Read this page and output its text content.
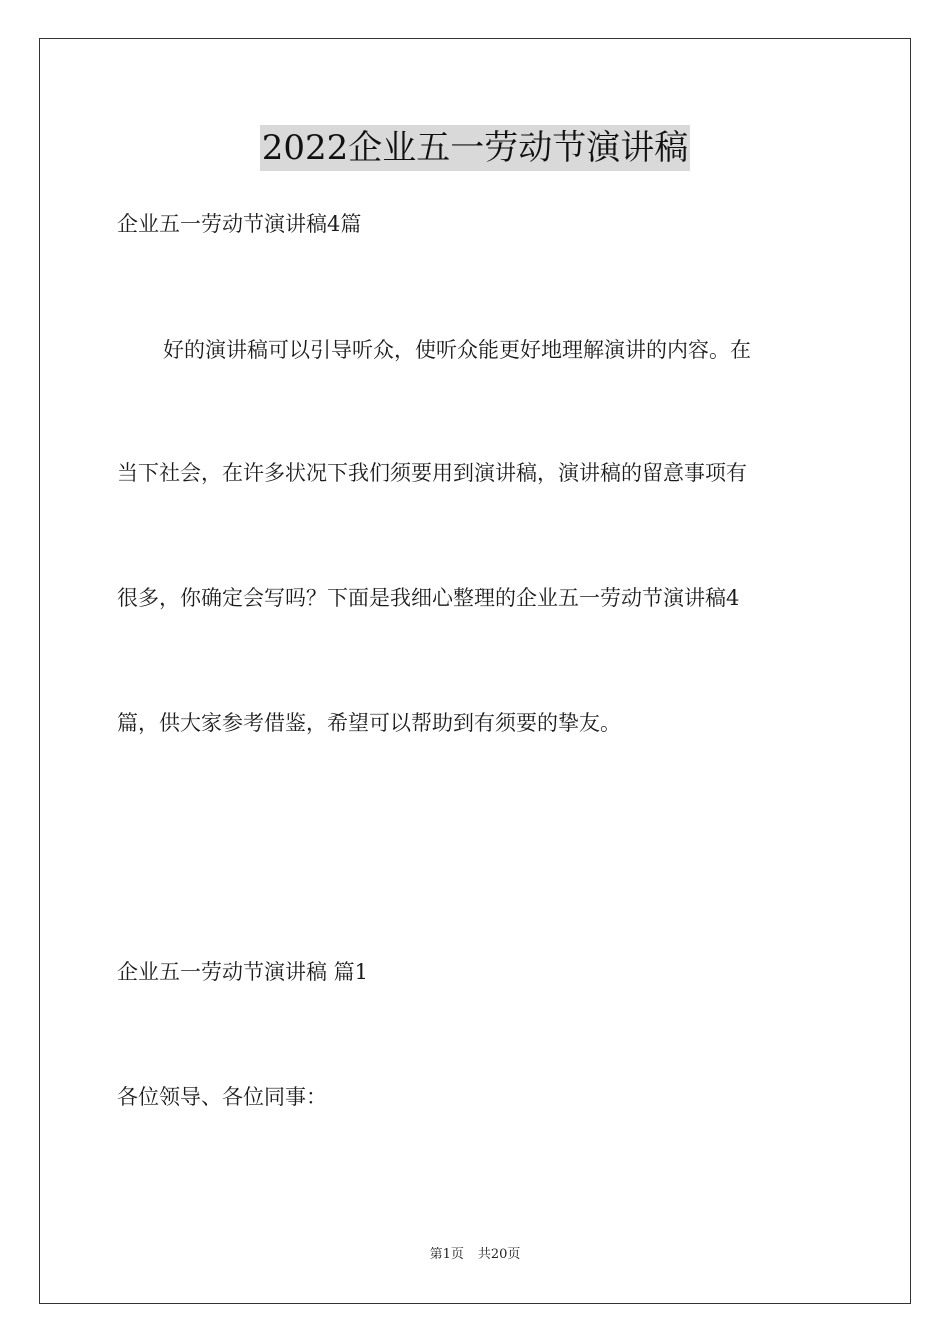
2022企业五一劳动节演讲稿
企业五一劳动节演讲稿4篇
好的演讲稿可以引导听众，使听众能更好地理解演讲的内容。在
当下社会，在许多状况下我们须要用到演讲稿，演讲稿的留意事项有
很多，你确定会写吗？下面是我细心整理的企业五一劳动节演讲稿4
篇，供大家参考借鉴，希望可以帮助到有须要的挚友。
企业五一劳动节演讲稿 篇1
各位领导、各位同事：
第1页 共20页
